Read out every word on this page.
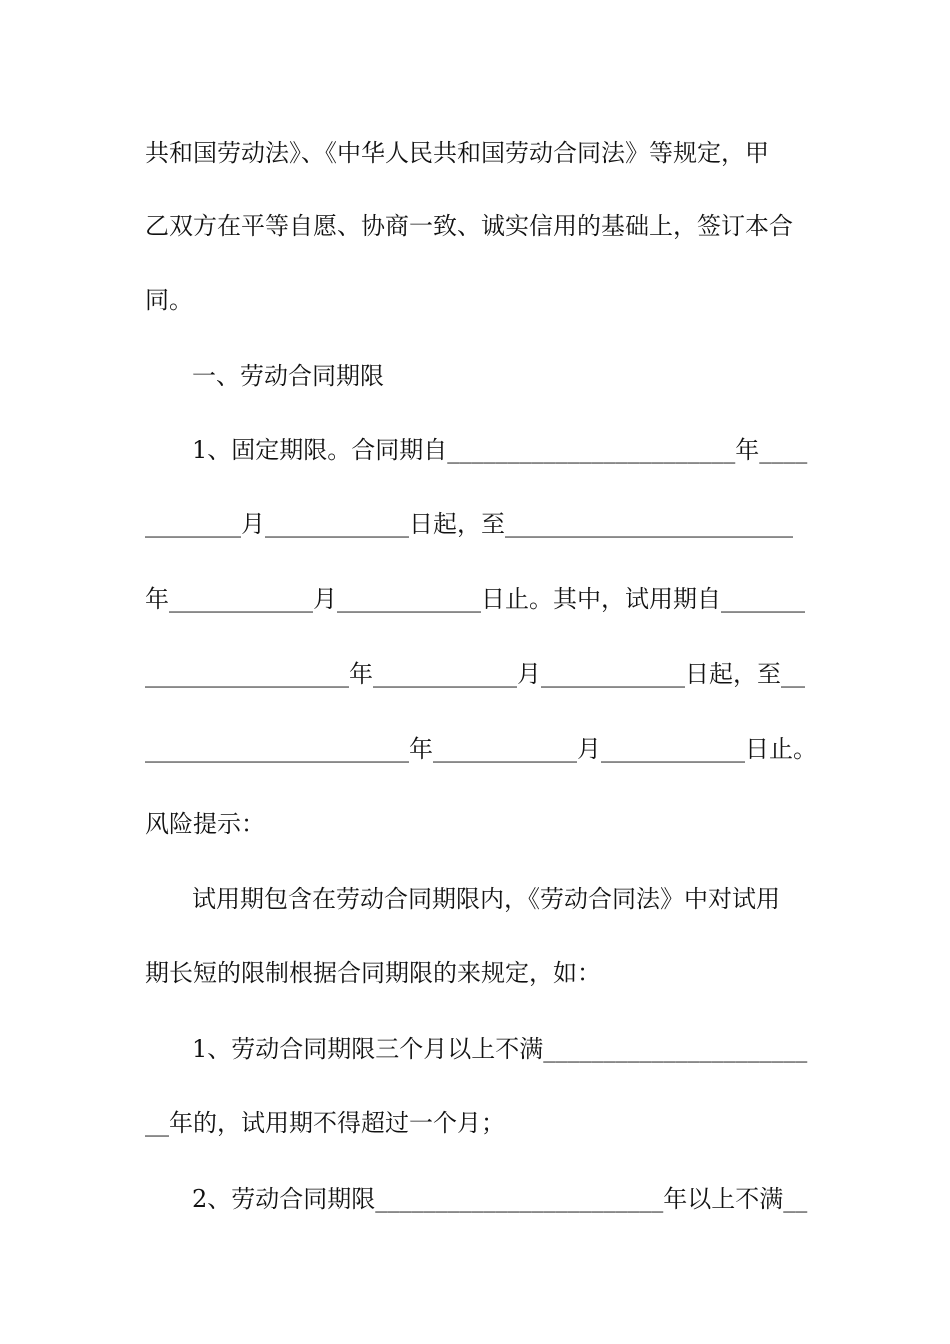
共和国劳动法》、《中华人民共和国劳动合同法》等规定，甲
乙双方在平等自愿、协商一致、诚实信用的基础上，签订本合
同。
一、劳动合同期限
1、固定期限。合同期自________________________年____
________月____________日起，至________________________
年____________月____________日止。其中，试用期自_______
_________________年____________月____________日起，至__
______________________年____________月____________日止。
风险提示：
试用期包含在劳动合同期限内，《劳动合同法》中对试用
期长短的限制根据合同期限的来规定，如：
1、劳动合同期限三个月以上不满______________________
__年的，试用期不得超过一个月；
2、劳动合同期限________________________年以上不满__
